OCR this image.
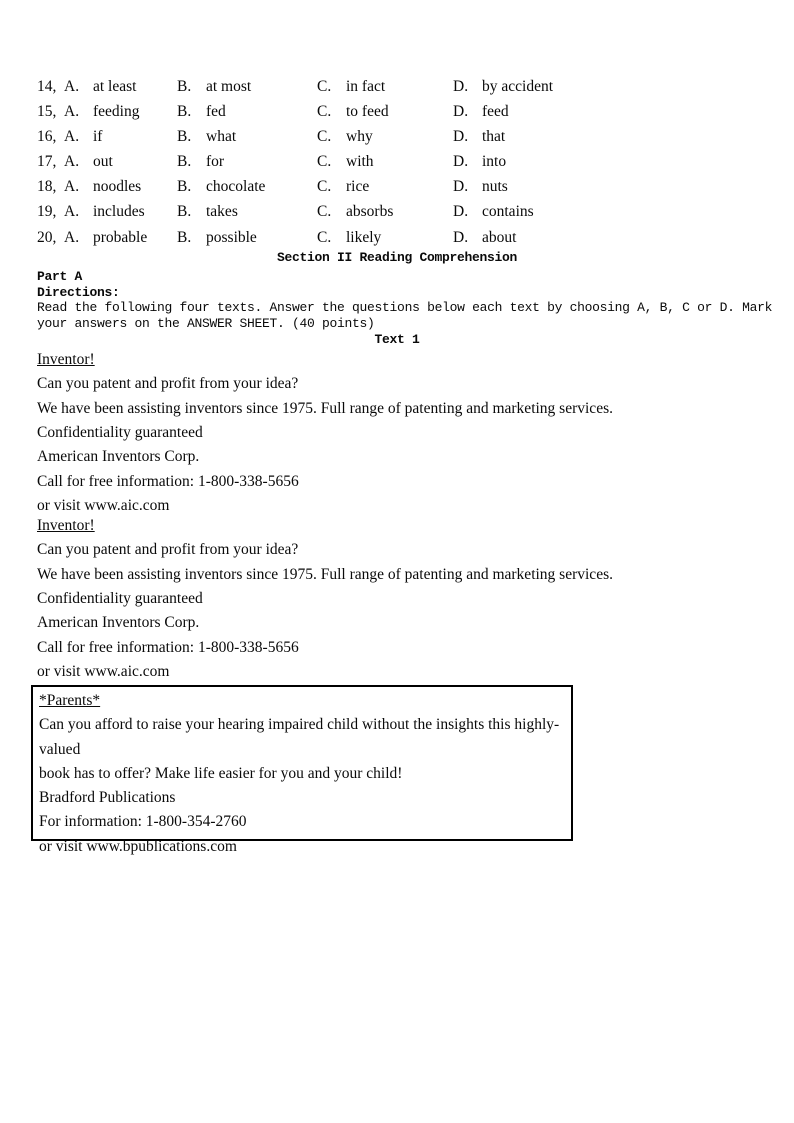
14, A. at least	B. at most	C. in fact	D. by accident
15, A. feeding B. fed	C. to feed	D. feed
16, A. if	B. what	C. why	D. that
17, A. out	B. for	C. with	D. into
18, A. noodles B. chocolate	C. rice	D. nuts
19, A. includes B. takes	C. absorbs	D. contains
20, A. probable B. possible	C. likely	D. about
Section II Reading Comprehension
Part A
Directions:
Read the following four texts. Answer the questions below each text by choosing A, B, C or D. Mark
your answers on the ANSWER SHEET. (40 points)
Text 1
Inventor!
Can you patent and profit from your idea?
We have been assisting inventors since 1975. Full range of patenting and marketing services.
Confidentiality guaranteed
American Inventors Corp.
Call for free information: 1-800-338-5656
or visit www.aic.com
Inventor!
Can you patent and profit from your idea?
We have been assisting inventors since 1975. Full range of patenting and marketing services.
Confidentiality guaranteed
American Inventors Corp.
Call for free information: 1-800-338-5656
or visit www.aic.com
*Parents*
Can you afford to raise your hearing impaired child without the insights this highly-valued
book has to offer? Make life easier for you and your child!
Bradford Publications
For information: 1-800-354-2760
or visit www.bpublications.com
